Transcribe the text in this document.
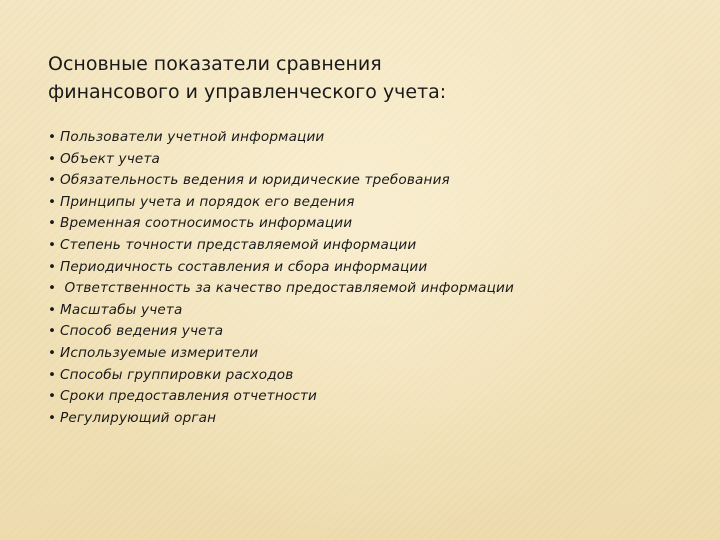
Основные показатели сравнения
финансового и управленческого учета:
• Пользователи учетной информации
• Объект учета
• Обязательность ведения и юридические требования
• Принципы учета и порядок его ведения
• Временная соотносимость информации
• Степень точности представляемой информации
• Периодичность составления и сбора информации
• Ответственность за качество предоставляемой информации
• Масштабы учета
• Способ ведения учета
• Используемые измерители
• Способы группировки расходов
• Сроки предоставления отчетности
• Регулирующий орган
